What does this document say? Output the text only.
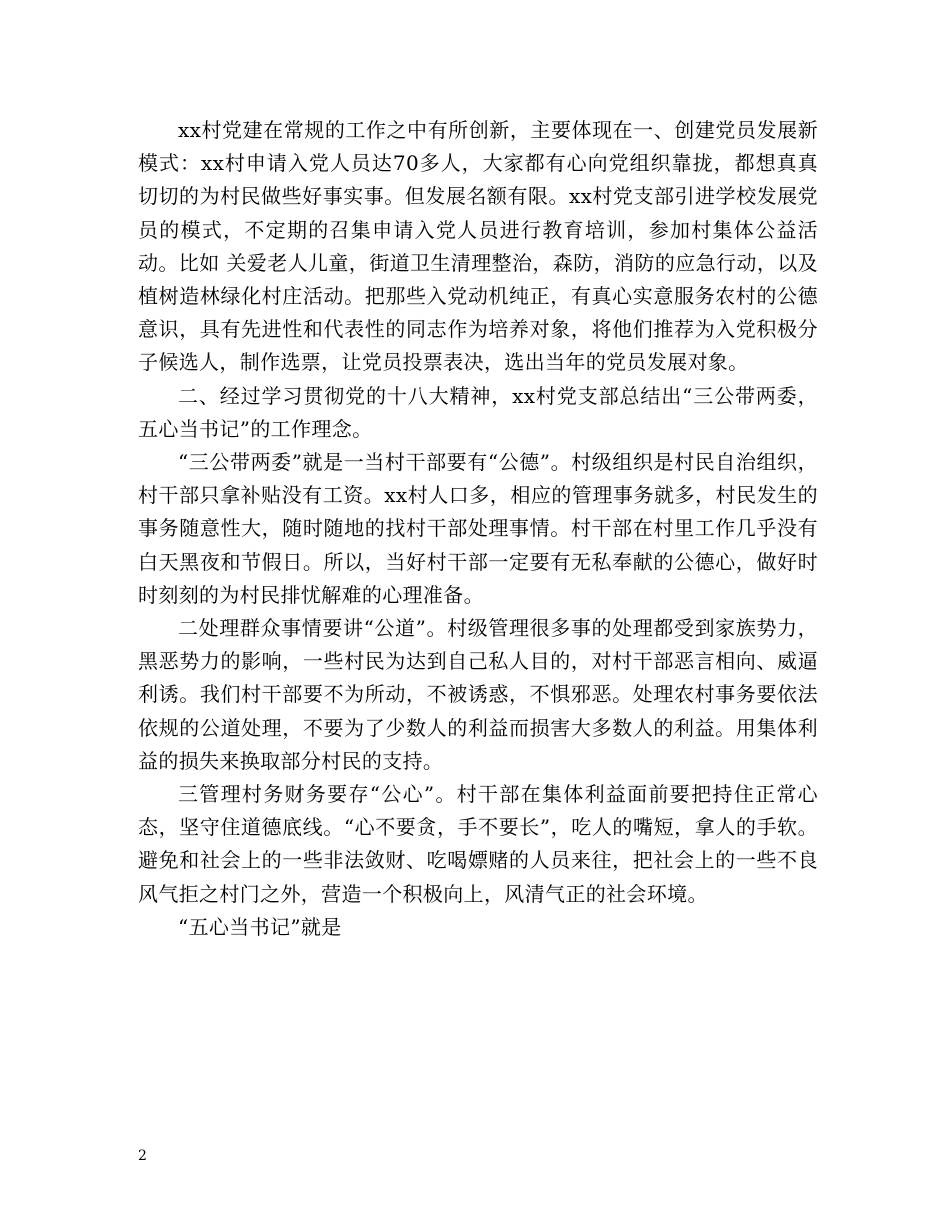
xx村党建在常规的工作之中有所创新，主要体现在一、创建党员发展新模式：xx村申请入党人员达70多人，大家都有心向党组织靠拢，都想真真切切的为村民做些好事实事。但发展名额有限。xx村党支部引进学校发展党员的模式，不定期的召集申请入党人员进行教育培训，参加村集体公益活动。比如 关爱老人儿童，街道卫生清理整治，森防，消防的应急行动，以及植树造林绿化村庄活动。把那些入党动机纯正，有真心实意服务农村的公德意识，具有先进性和代表性的同志作为培养对象，将他们推荐为入党积极分子候选人，制作选票，让党员投票表决，选出当年的党员发展对象。

二、经过学习贯彻党的十八大精神，xx村党支部总结出“三公带两委，五心当书记”的工作理念。

“三公带两委”就是一当村干部要有“公德”。村级组织是村民自治组织，村干部只拿补贴没有工资。xx村人口多，相应的管理事务就多，村民发生的事务随意性大，随时随地的找村干部处理事情。村干部在村里工作几乎没有白天黑夜和节假日。所以，当好村干部一定要有无私奉献的公德心，做好时时刻刻的为村民排忧解难的心理准备。

二处理群众事情要讲“公道”。村级管理很多事的处理都受到家族势力，黑恶势力的影响，一些村民为达到自己私人目的，对村干部恶言相向、威逼利诱。我们村干部要不为所动，不被诱惑，不惧邪恶。处理农村事务要依法依规的公道处理，不要为了少数人的利益而损害大多数人的利益。用集体利益的损失来换取部分村民的支持。

三管理村务财务要存“公心”。村干部在集体利益面前要把持住正常心态，坚守住道德底线。“心不要贪，手不要长”，吃人的嘴短，拿人的手软。避免和社会上的一些非法敛财、吃喝嫖赌的人员来往，把社会上的一些不良风气拒之村门之外，营造一个积极向上，风清气正的社会环境。

“五心当书记”就是

2
